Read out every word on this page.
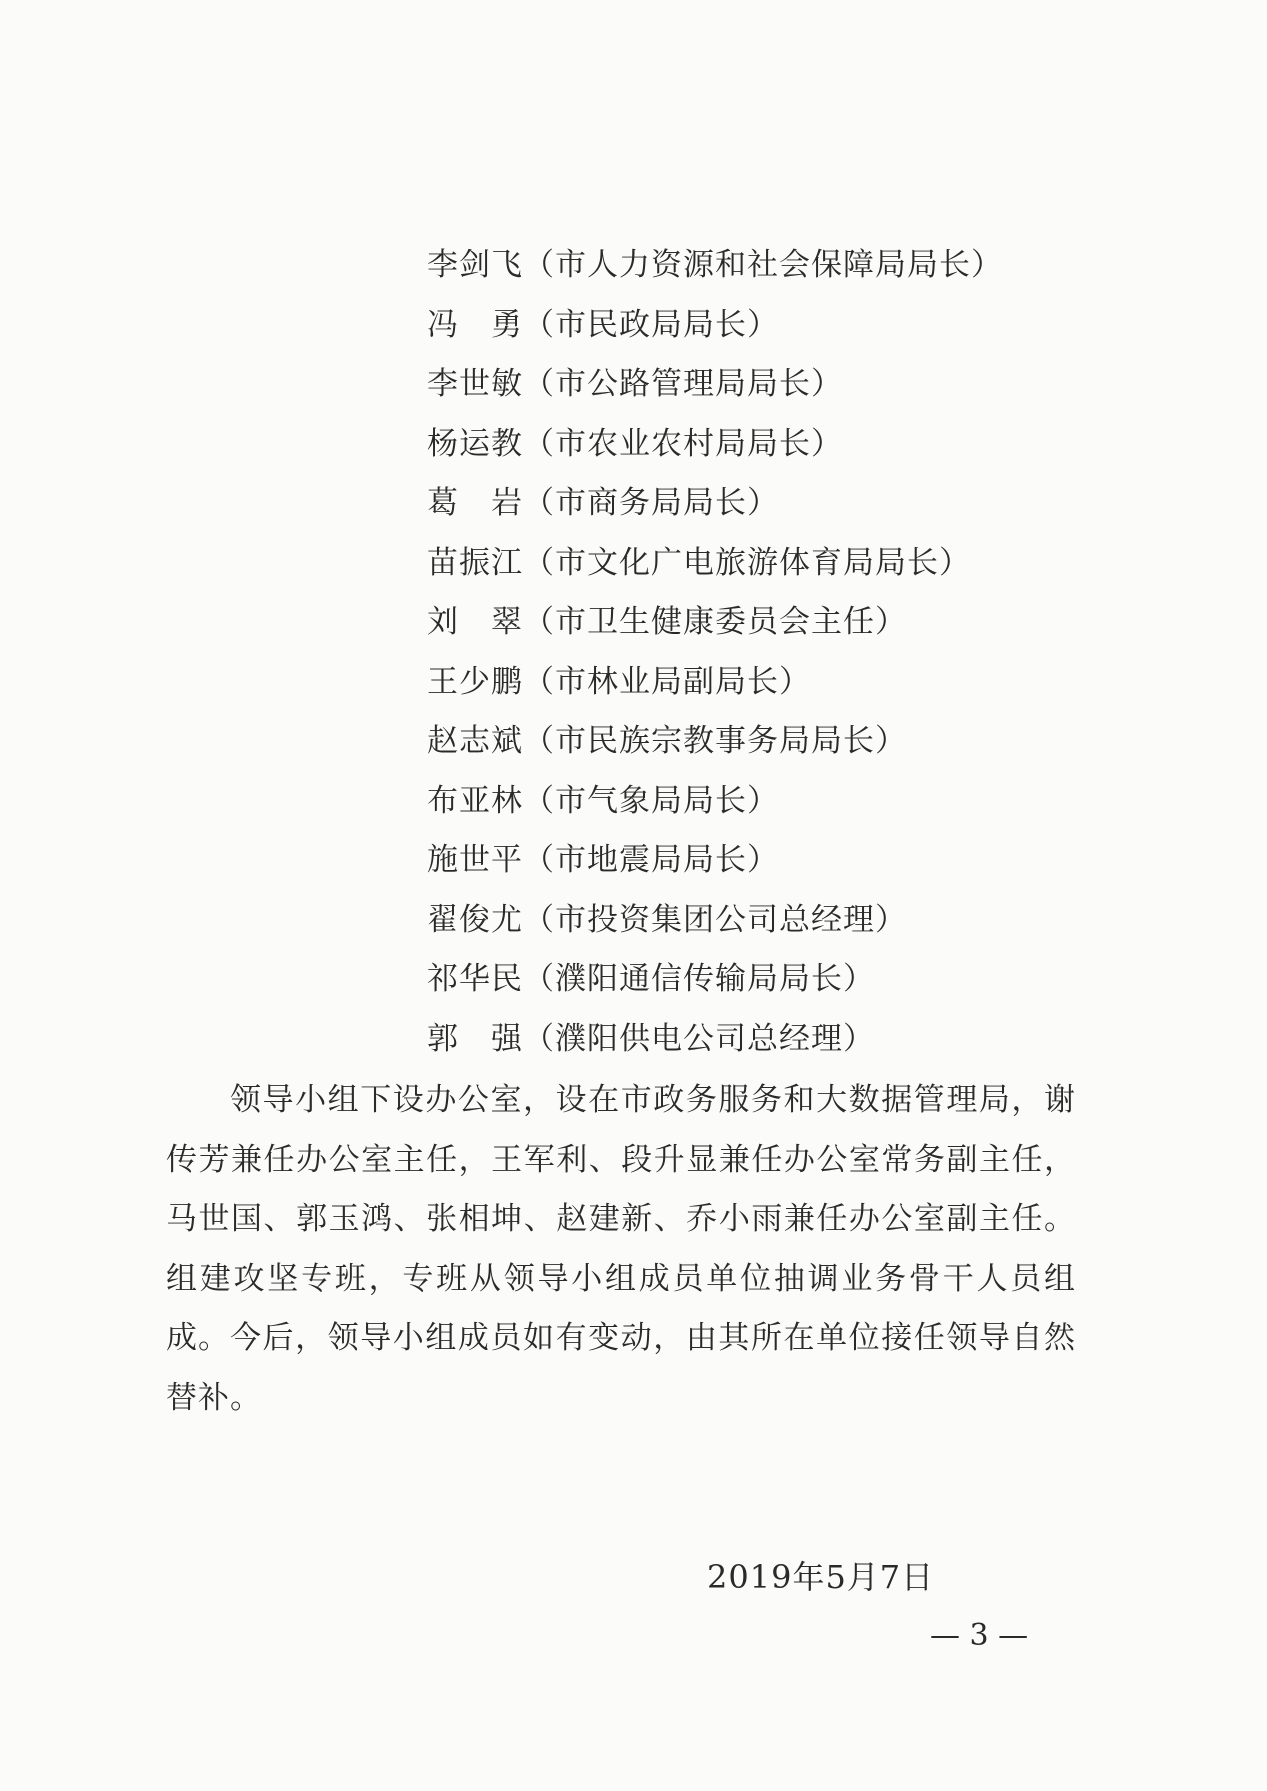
李剑飞（市人力资源和社会保障局局长）
冯　勇（市民政局局长）
李世敏（市公路管理局局长）
杨运教（市农业农村局局长）
葛　岩（市商务局局长）
苗振江（市文化广电旅游体育局局长）
刘　翠（市卫生健康委员会主任）
王少鹏（市林业局副局长）
赵志斌（市民族宗教事务局局长）
布亚林（市气象局局长）
施世平（市地震局局长）
翟俊尤（市投资集团公司总经理）
祁华民（濮阳通信传输局局长）
郭　强（濮阳供电公司总经理）

领导小组下设办公室，设在市政务服务和大数据管理局，谢传芳兼任办公室主任，王军利、段升显兼任办公室常务副主任，马世国、郭玉鸿、张相坤、赵建新、乔小雨兼任办公室副主任。组建攻坚专班，专班从领导小组成员单位抽调业务骨干人员组成。 今后，领导小组成员如有变动，由其所在单位接任领导自然替补。

2019年5月7日
— 3 —
